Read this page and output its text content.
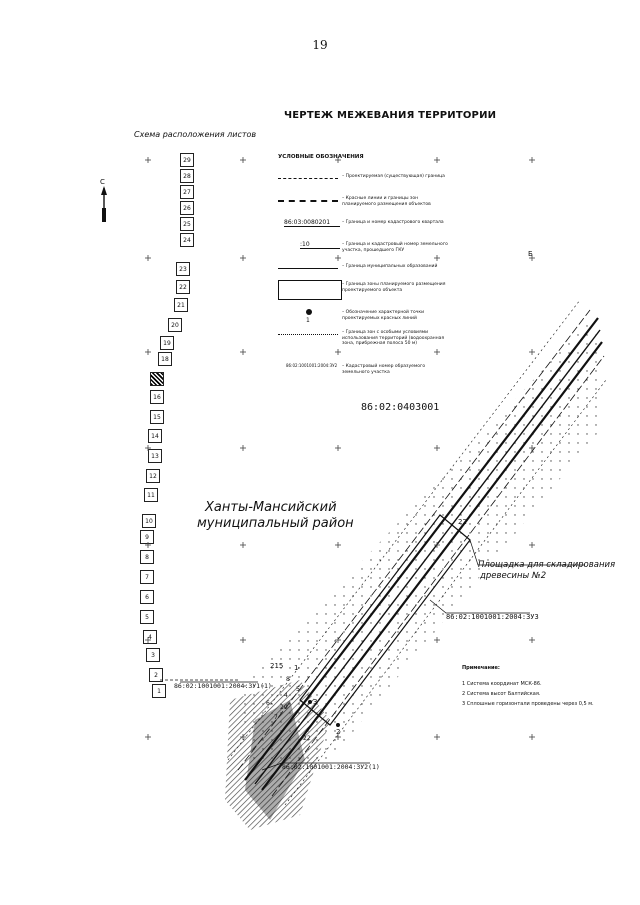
19
ЧЕРТЕЖ МЕЖЕВАНИЯ ТЕРРИТОРИИ
Схема расположения листов
29
28
27
26
25
24
23
22
21
20
19
18
16
15
14
13
12
11
10
9
8
7
6
5
4
3
2
1
С
УСЛОВНЫЕ ОБОЗНАЧЕНИЯ
– Проектируемая (существующая) граница
– Красные линии и границы зон планируемого размещения объектов
86:03:0080201	– Граница и номер кадастрового квартала
:10	– Граница и кадастровый номер земельного участка, прошедшего ГКУ
– Граница муниципальных образований
– Граница зоны планируемого размещения проектируемого объекта
1
– Обозначение характерной точки проектируемых красных линий
– Граница зон с особыми условиями использования территорий (водоохранная зона, прибрежная полоса 50 м)
86:02:1001001:2004:ЗУ2 – Кадастровый номер образуемого земельного участка
86:02:0403001
Ханты-Мансийский
муниципальный район
Площадка для складирования
древесины №2
86:02:1001001:2004:ЗУ3
86:02:1001001:2004:ЗУ1(1)
86:02:1001001:2004:ЗУ2(1)
Б
215 1
2
3
4
5
6
7
8
20
22
22
Примечание:
1 Система координат МСК-86.
2 Система высот Балтийская.
3 Сплошные горизонтали проведены через 0,5 м.
